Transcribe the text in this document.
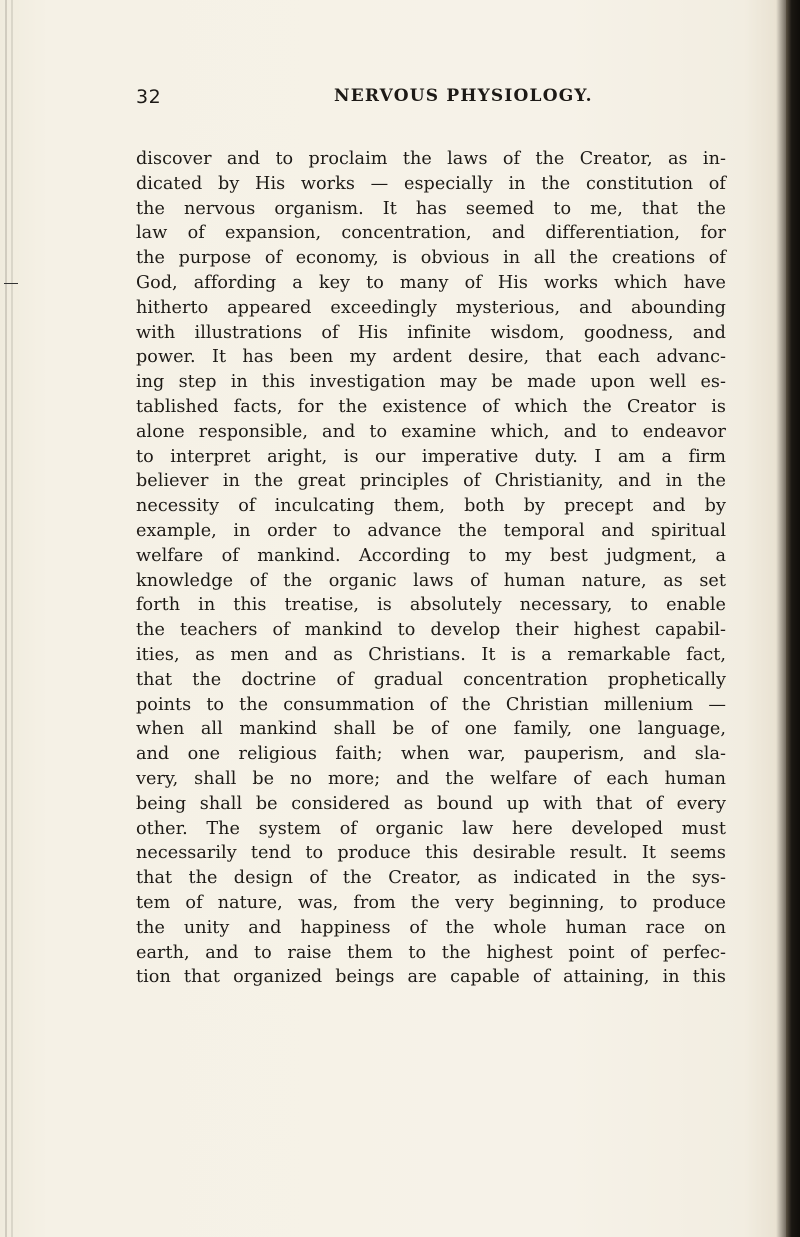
32	NERVOUS PHYSIOLOGY.
discover and to proclaim the laws of the Creator, as in-
dicated by His works — especially in the constitution of
the nervous organism. It has seemed to me, that the
law of expansion, concentration, and differentiation, for
the purpose of economy, is obvious in all the creations of
God, affording a key to many of His works which have
hitherto appeared exceedingly mysterious, and abounding
with illustrations of His infinite wisdom, goodness, and
power. It has been my ardent desire, that each advanc-
ing step in this investigation may be made upon well es-
tablished facts, for the existence of which the Creator is
alone responsible, and to examine which, and to endeavor
to interpret aright, is our imperative duty. I am a firm
believer in the great principles of Christianity, and in the
necessity of inculcating them, both by precept and by
example, in order to advance the temporal and spiritual
welfare of mankind. According to my best judgment, a
knowledge of the organic laws of human nature, as set
forth in this treatise, is absolutely necessary, to enable
the teachers of mankind to develop their highest capabil-
ities, as men and as Christians. It is a remarkable fact,
that the doctrine of gradual concentration prophetically
points to the consummation of the Christian millenium —
when all mankind shall be of one family, one language,
and one religious faith; when war, pauperism, and sla-
very, shall be no more; and the welfare of each human
being shall be considered as bound up with that of every
other. The system of organic law here developed must
necessarily tend to produce this desirable result. It seems
that the design of the Creator, as indicated in the sys-
tem of nature, was, from the very beginning, to produce
the unity and happiness of the whole human race on
earth, and to raise them to the highest point of perfec-
tion that organized beings are capable of attaining, in this
